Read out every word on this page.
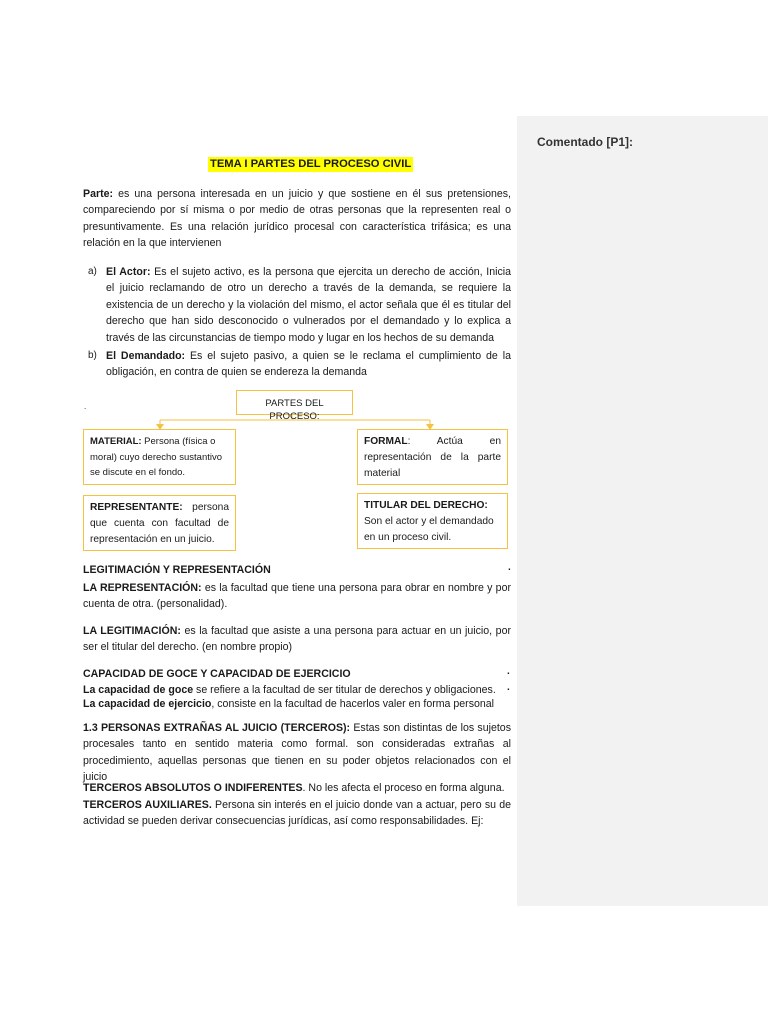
Comentado [P1]:
TEMA I PARTES DEL PROCESO CIVIL

Parte: es una persona interesada en un juicio y que sostiene en él sus pretensiones, compareciendo por sí misma o por medio de otras personas que la representen real o presuntivamente. Es una relación jurídico procesal con característica trifásica; es una relación en la que intervienen

a) El Actor: Es el sujeto activo, es la persona que ejercita un derecho de acción, Inicia el juicio reclamando de otro un derecho a través de la demanda, se requiere la existencia de un derecho y la violación del mismo, el actor señala que él es titular del derecho que han sido desconocido o vulnerados por el demandado y lo explica a través de las circunstancias de tiempo modo y lugar en los hechos de su demanda

b) El Demandado: Es el sujeto pasivo, a quien se le reclama el cumplimiento de la obligación, en contra de quien se endereza la demanda

.	PARTES DEL PROCESO:
MATERIAL: Persona (física o moral) cuyo derecho sustantivo se discute en el fondo.
FORMAL: Actúa en representación de la parte material
REPRESENTANTE: persona que cuenta con facultad de representación en un juicio.
TITULAR DEL DERECHO: Son el actor y el demandado en un proceso civil.

LEGITIMACIÓN Y REPRESENTACIÓN	.

LA REPRESENTACIÓN: es la facultad que tiene una persona para obrar en nombre y por cuenta de otra. (personalidad).

LA LEGITIMACIÓN: es la facultad que asiste a una persona para actuar en un juicio, por ser el titular del derecho. (en nombre propio)

CAPACIDAD DE GOCE Y CAPACIDAD DE EJERCICIO	.

La capacidad de goce se refiere a la facultad de ser titular de derechos y obligaciones.	.

La capacidad de ejercicio, consiste en la facultad de hacerlos valer en forma personal

1.3 PERSONAS EXTRAÑAS AL JUICIO (TERCEROS): Estas son distintas de los sujetos procesales tanto en sentido materia como formal. son consideradas extrañas al procedimiento, aquellas personas que tienen en su poder objetos relacionados con el juicio

TERCEROS ABSOLUTOS O INDIFERENTES. No les afecta el proceso en forma alguna.

TERCEROS AUXILIARES. Persona sin interés en el juicio donde van a actuar, pero su de actividad se pueden derivar consecuencias jurídicas, así como responsabilidades. Ej:
